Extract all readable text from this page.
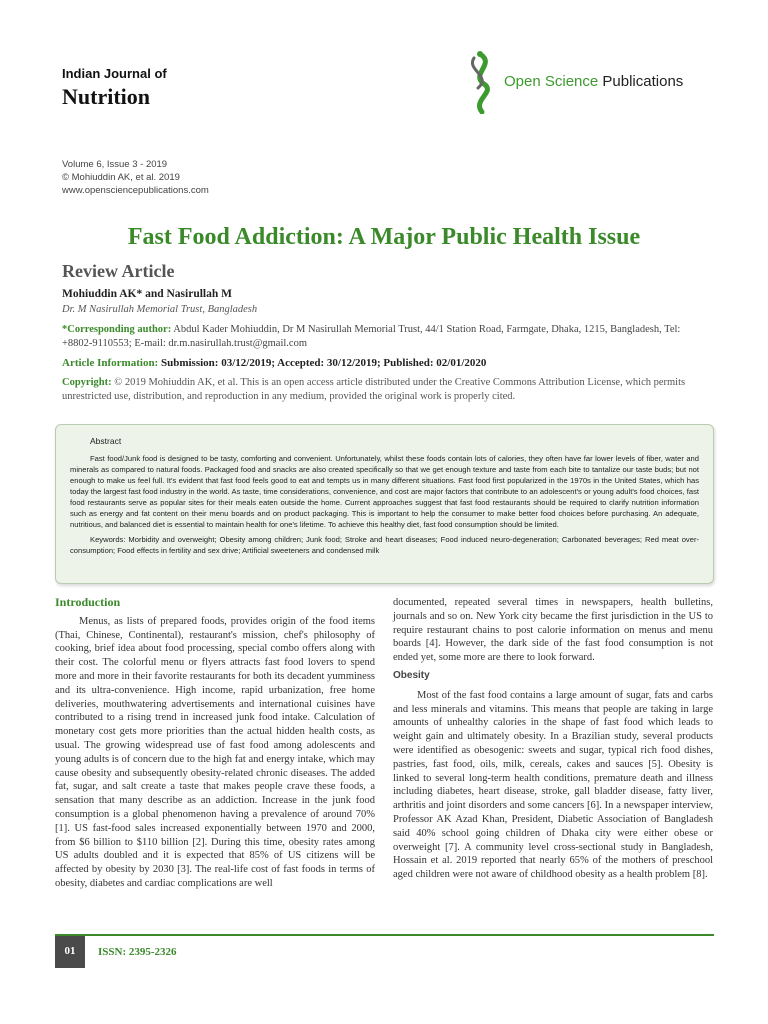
Indian Journal of
Nutrition
Open Science Publications
Volume 6, Issue 3 - 2019
© Mohiuddin AK, et al. 2019
www.opensciencepublications.com
Fast Food Addiction: A Major Public Health Issue
Review Article
Mohiuddin AK* and Nasirullah M
Dr. M Nasirullah Memorial Trust, Bangladesh
*Corresponding author: Abdul Kader Mohiuddin, Dr M Nasirullah Memorial Trust, 44/1 Station Road, Farmgate, Dhaka, 1215, Bangladesh, Tel: +8802-9110553; E-mail: dr.m.nasirullah.trust@gmail.com
Article Information: Submission: 03/12/2019; Accepted: 30/12/2019; Published: 02/01/2020
Copyright: © 2019 Mohiuddin AK, et al. This is an open access article distributed under the Creative Commons Attribution License, which permits unrestricted use, distribution, and reproduction in any medium, provided the original work is properly cited.
Abstract
Fast food/Junk food is designed to be tasty, comforting and convenient. Unfortunately, whilst these foods contain lots of calories, they often have far lower levels of fiber, water and minerals as compared to natural foods. Packaged food and snacks are also created specifically so that we get enough texture and taste from each bite to tantalize our taste buds; but not enough to make us feel full. It's evident that fast food feels good to eat and tempts us in many different situations. Fast food first popularized in the 1970s in the United States, which has today the largest fast food industry in the world. As taste, time considerations, convenience, and cost are major factors that contribute to an adolescent's or young adult's food choices, fast food restaurants serve as popular sites for their meals eaten outside the home. Current approaches suggest that fast food restaurants should be required to clarify nutrition information such as energy and fat content on their menu boards and on product packaging. This is important to help the consumer to make better food choices before purchasing. An adequate, nutritious, and balanced diet is essential to maintain health for one's lifetime. To achieve this healthy diet, fast food consumption should be limited.
Keywords: Morbidity and overweight; Obesity among children; Junk food; Stroke and heart diseases; Food induced neuro-degeneration; Carbonated beverages; Red meat over-consumption; Food effects in fertility and sex drive; Artificial sweeteners and condensed milk
Introduction
Menus, as lists of prepared foods, provides origin of the food items (Thai, Chinese, Continental), restaurant's mission, chef's philosophy of cooking, brief idea about food processing, special combo offers along with their cost. The colorful menu or flyers attracts fast food lovers to spend more and more in their favorite restaurants for both its decadent yumminess and its ultra-convenience. High income, rapid urbanization, free home deliveries, mouthwatering advertisements and international cuisines have contributed to a rising trend in increased junk food intake. Calculation of monetary cost gets more priorities than the actual hidden health costs, as usual. The growing widespread use of fast food among adolescents and young adults is of concern due to the high fat and energy intake, which may cause obesity and subsequently obesity-related chronic diseases. The added fat, sugar, and salt create a taste that makes people crave these foods, a sensation that many describe as an addiction. Increase in the junk food consumption is a global phenomenon having a prevalence of around 70% [1]. US fast-food sales increased exponentially between 1970 and 2000, from $6 billion to $110 billion [2]. During this time, obesity rates among US adults doubled and it is expected that 85% of US citizens will be affected by obesity by 2030 [3]. The real-life cost of fast foods in terms of obesity, diabetes and cardiac complications are well
documented, repeated several times in newspapers, health bulletins, journals and so on. New York city became the first jurisdiction in the US to require restaurant chains to post calorie information on menus and menu boards [4]. However, the dark side of the fast food consumption is not ended yet, some more are there to look forward.
Obesity
Most of the fast food contains a large amount of sugar, fats and carbs and less minerals and vitamins. This means that people are taking in large amounts of unhealthy calories in the shape of fast food which leads to weight gain and ultimately obesity. In a Brazilian study, several products were identified as obesogenic: sweets and sugar, typical rich food dishes, pastries, fast food, oils, milk, cereals, cakes and sauces [5]. Obesity is linked to several long-term health conditions, premature death and illness including diabetes, heart disease, stroke, gall bladder disease, fatty liver, arthritis and joint disorders and some cancers [6]. In a newspaper interview, Professor AK Azad Khan, President, Diabetic Association of Bangladesh said 40% school going children of Dhaka city were either obese or overweight [7]. A community level cross-sectional study in Bangladesh, Hossain et al. 2019 reported that nearly 65% of the mothers of preschool aged children were not aware of childhood obesity as a health problem [8].
01	ISSN: 2395-2326
